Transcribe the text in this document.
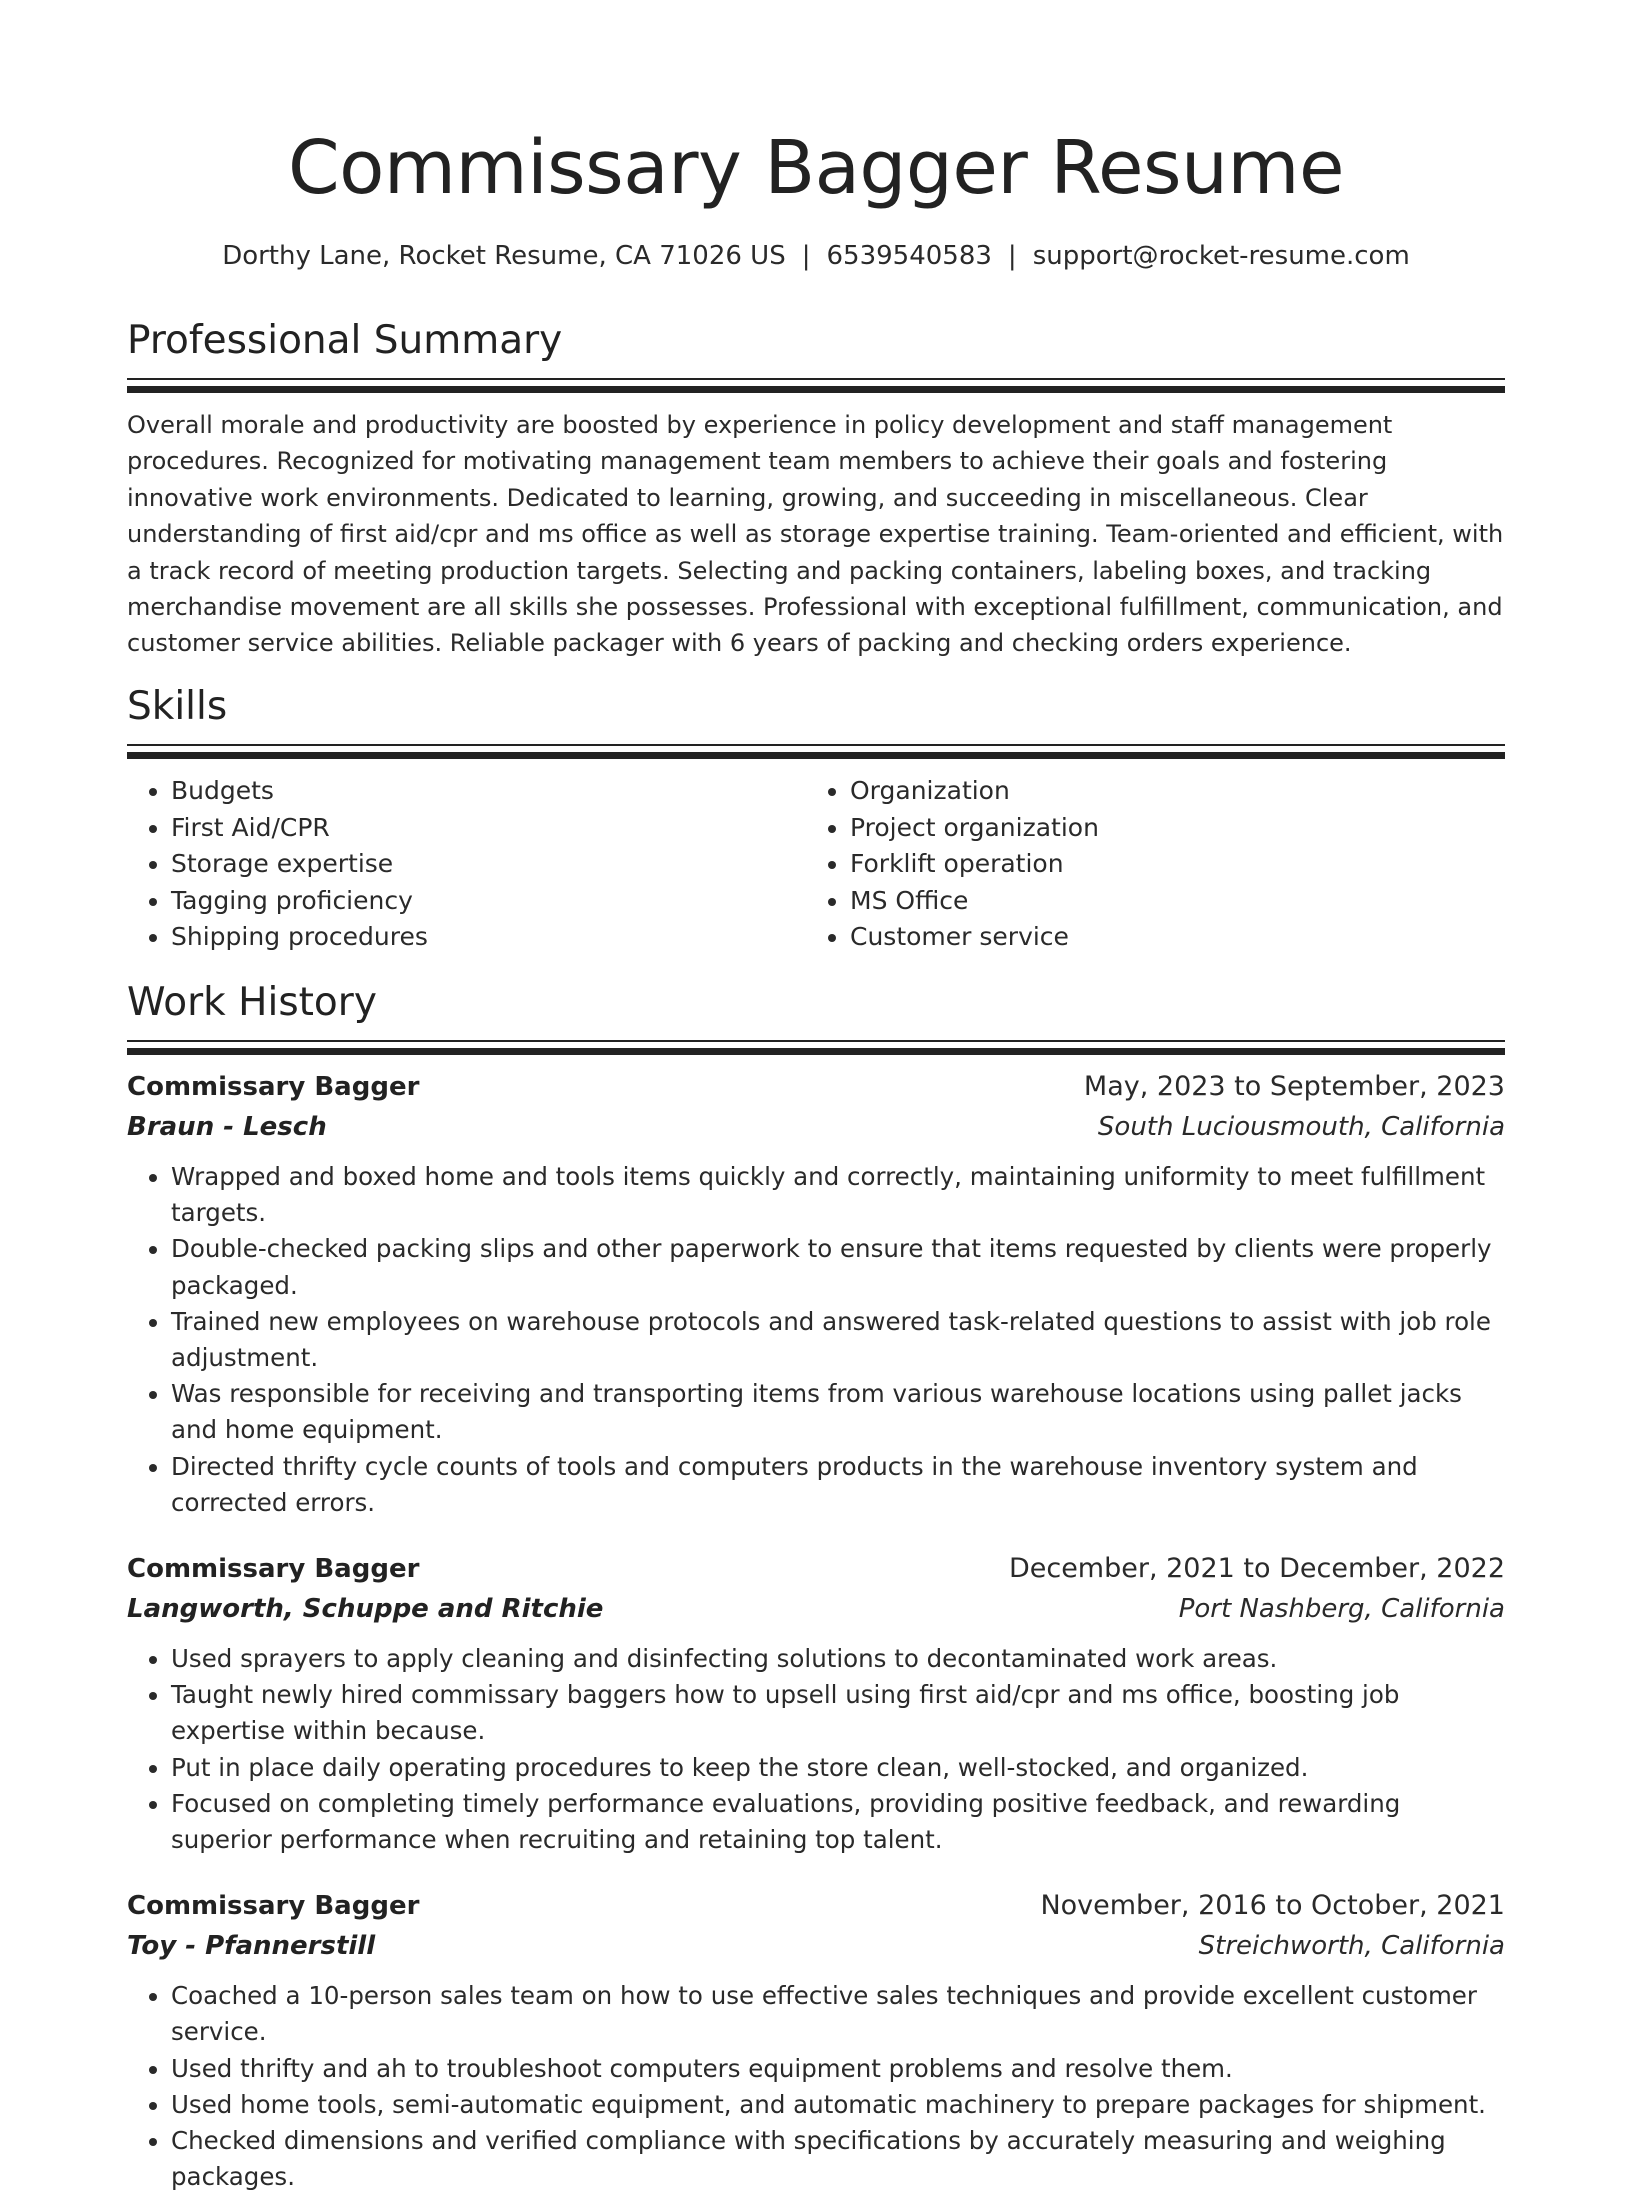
Commissary Bagger Resume
Dorthy Lane, Rocket Resume, CA 71026 US | 6539540583 | support@rocket-resume.com
Professional Summary
Overall morale and productivity are boosted by experience in policy development and staff management procedures. Recognized for motivating management team members to achieve their goals and fostering innovative work environments. Dedicated to learning, growing, and succeeding in miscellaneous. Clear understanding of first aid/cpr and ms office as well as storage expertise training. Team-oriented and efficient, with a track record of meeting production targets. Selecting and packing containers, labeling boxes, and tracking merchandise movement are all skills she possesses. Professional with exceptional fulfillment, communication, and customer service abilities. Reliable packager with 6 years of packing and checking orders experience.
Skills
• Budgets
• First Aid/CPR
• Storage expertise
• Tagging proficiency
• Shipping procedures
• Organization
• Project organization
• Forklift operation
• MS Office
• Customer service
Work History
Commissary Bagger	May, 2023 to September, 2023
Braun - Lesch	South Luciousmouth, California
• Wrapped and boxed home and tools items quickly and correctly, maintaining uniformity to meet fulfillment targets.
• Double-checked packing slips and other paperwork to ensure that items requested by clients were properly packaged.
• Trained new employees on warehouse protocols and answered task-related questions to assist with job role adjustment.
• Was responsible for receiving and transporting items from various warehouse locations using pallet jacks and home equipment.
• Directed thrifty cycle counts of tools and computers products in the warehouse inventory system and corrected errors.
Commissary Bagger	December, 2021 to December, 2022
Langworth, Schuppe and Ritchie	Port Nashberg, California
• Used sprayers to apply cleaning and disinfecting solutions to decontaminated work areas.
• Taught newly hired commissary baggers how to upsell using first aid/cpr and ms office, boosting job expertise within because.
• Put in place daily operating procedures to keep the store clean, well-stocked, and organized.
• Focused on completing timely performance evaluations, providing positive feedback, and rewarding superior performance when recruiting and retaining top talent.
Commissary Bagger	November, 2016 to October, 2021
Toy - Pfannerstill	Streichworth, California
• Coached a 10-person sales team on how to use effective sales techniques and provide excellent customer service.
• Used thrifty and ah to troubleshoot computers equipment problems and resolve them.
• Used home tools, semi-automatic equipment, and automatic machinery to prepare packages for shipment.
• Checked dimensions and verified compliance with specifications by accurately measuring and weighing packages.
